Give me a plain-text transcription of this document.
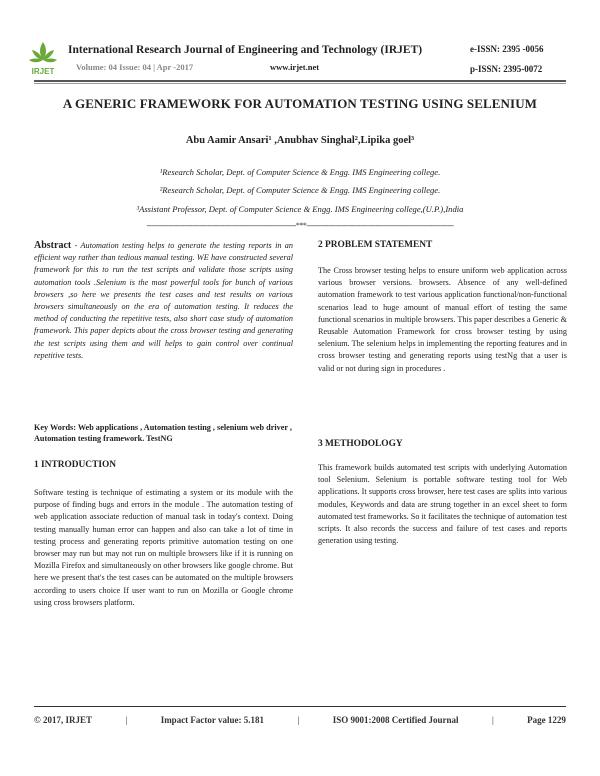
IRJET
International Research Journal of Engineering and Technology (IRJET)
Volume: 04 Issue: 04 | Apr -2017	www.irjet.net
e-ISSN: 2395 -0056
p-ISSN: 2395-0072
A GENERIC FRAMEWORK FOR AUTOMATION TESTING USING SELENIUM
Abu Aamir Ansari¹ ,Anubhav Singhal²,Lipika goel³
¹Research Scholar, Dept. of Computer Science & Engg. IMS Engineering college.
²Research Scholar, Dept. of Computer Science & Engg. IMS Engineering college.
³Assistant Professor, Dept. of Computer Science & Engg. IMS Engineering college,(U.P.),India
---------------------------------------------------------------------***--------------------------------------------------------------------
Abstract - Automation testing helps to generate the testing reports in an efficient way rather than tedious manual testing. WE have constructed several framework for this to run the test scripts and validate those scripts using automation tools .Selenium is the most powerful tools for bunch of various browsers ,so here we presents the test cases and test results on various browsers simultaneously on the era of automation testing. It reduces the method of conducting the repetitive tests, also short case study of automation framework. This paper depicts about the cross browser testing and generating the test scripts using them and will helps to gain control over continual repetitive tests.
Key Words: Web applications , Automation testing , selenium web driver , Automation testing framework. TestNG
1 INTRODUCTION
Software testing is technique of estimating a system or its module with the purpose of finding bugs and errors in the module . The automation testing of web application associate reduction of manual task in today's context. Doing testing manually human error can happen and also can take a lot of time in testing process and generating reports primitive automation testing on one browser may run but may not run on multiple browsers like if it is running on Mozilla Firefox and simultaneously on other browsers like google chrome. But here we present that's the test cases can be automated on the multiple browsers according to users choice If user want to run on Mozilla or Google chrome using cross browsers platform.
2 PROBLEM STATEMENT
The Cross browser testing helps to ensure uniform web application across various browser versions. browsers. Absence of any well-defined automation framework to test various application functional/non-functional scenarios lead to huge amount of manual effort of testing the same functional scenarios in multiple browsers. This paper describes a Generic & Reusable Automation Framework for cross browser testing by using selenium. The selenium helps in implementing the reporting features and in cross browser testing and generating reports using testNg that a user is valid or not during sign in procedures .
3 METHODOLOGY
This framework builds automated test scripts with underlying Automation tool Selenium. Selenium is portable software testing tool for Web applications. It supports cross browser, here test cases are splits into various modules, Keywords and data are strung together in an excel sheet to form automated test frameworks. So it facilitates the technique of automation test scripts. It also records the success and failure of test cases and reports generation using testing.
© 2017, IRJET	|	Impact Factor value: 5.181	|	ISO 9001:2008 Certified Journal	|	Page 1229
